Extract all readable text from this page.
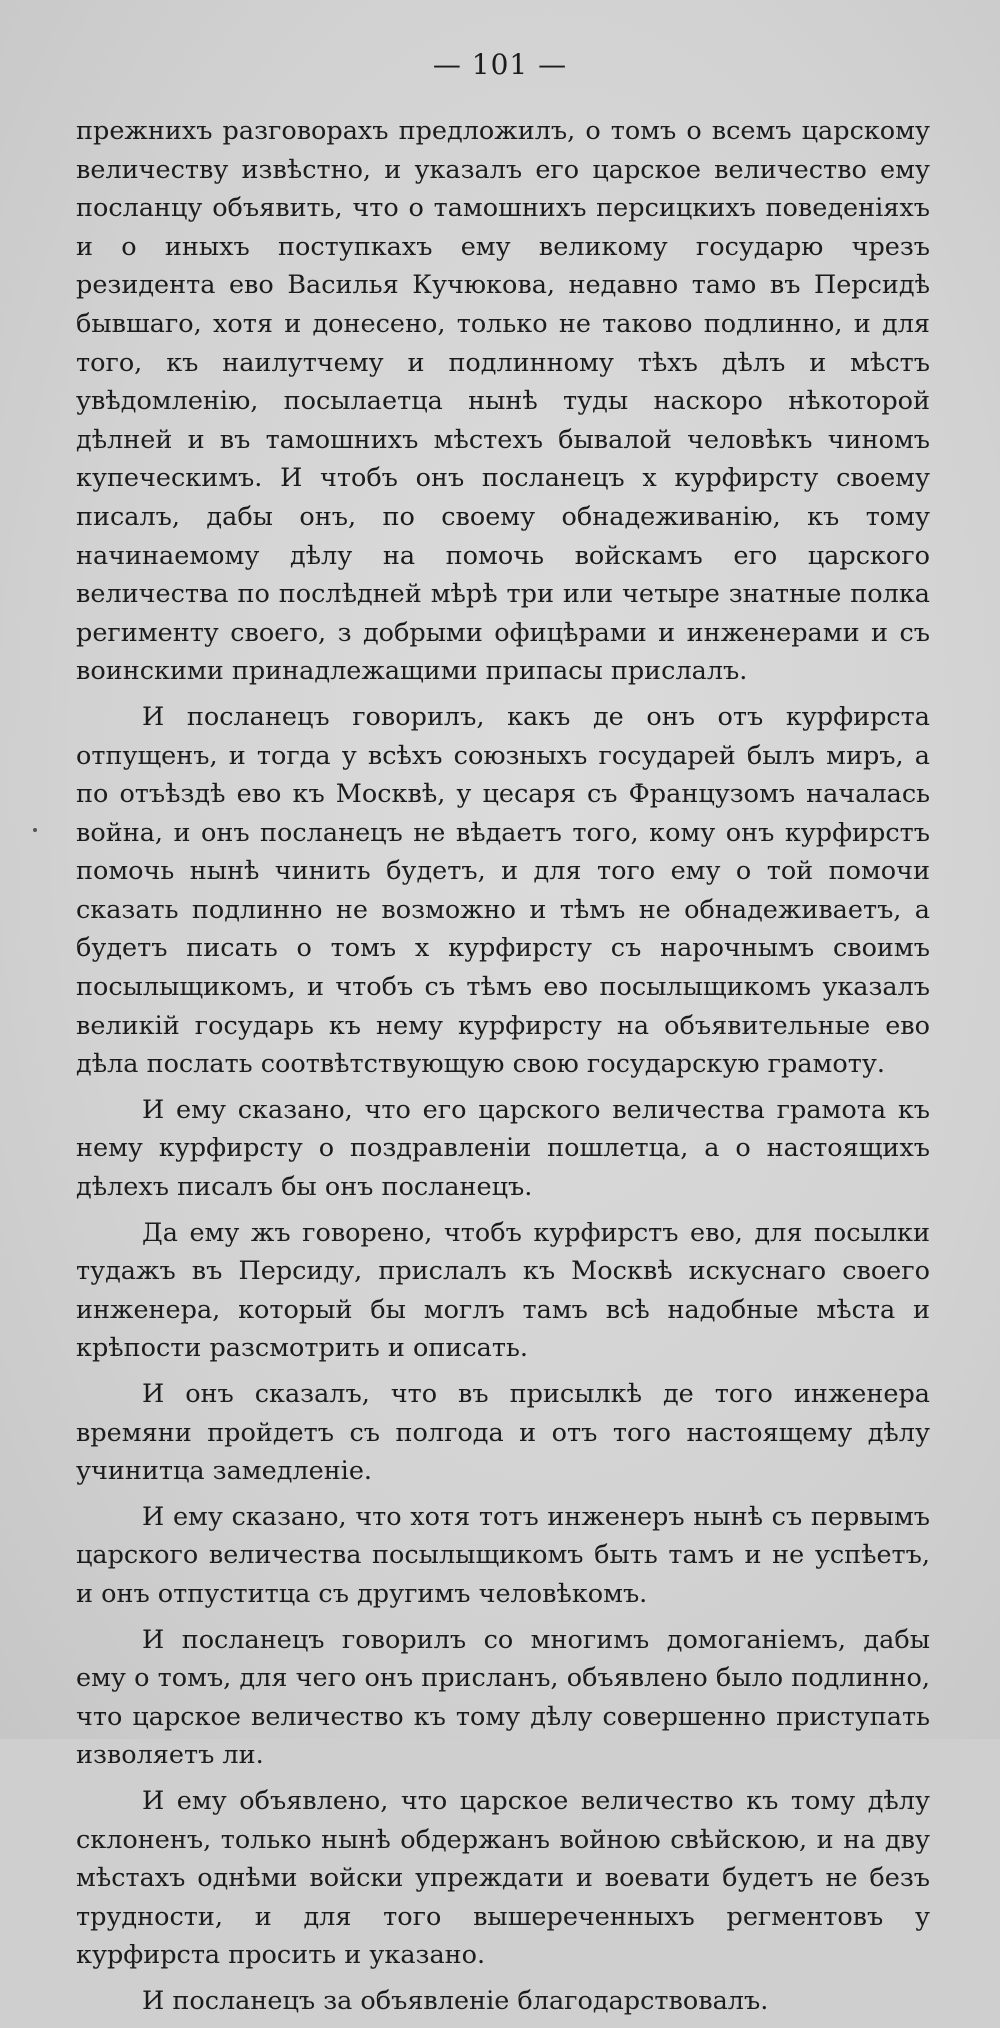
— 101 —

прежнихъ разговорахъ предложилъ, о томъ о всемъ царскому величеству извѣстно, и указалъ его царское величество ему посланцу объявить, что о тамошнихъ персицкихъ поведеніяхъ и о иныхъ поступкахъ ему великому государю чрезъ резидента ево Василья Кучюкова, недавно тамо въ Персидѣ бывшаго, хотя и донесено, только не таково подлинно, и для того, къ наилутчему и подлинному тѣхъ дѣлъ и мѣстъ увѣдомленію, посылаетца нынѣ туды наскоро нѣкоторой дѣлней и въ тамошнихъ мѣстехъ бывалой человѣкъ чиномъ купеческимъ. И чтобъ онъ посланецъ х курфирсту своему писалъ, дабы онъ, по своему обнадеживанію, къ тому начинаемому дѣлу на помочь войскамъ его царского величества по послѣдней мѣрѣ три или четыре знатные полка регименту своего, з добрыми офицѣрами и инженерами и съ воинскими принадлежащими припасы прислалъ.

И посланецъ говорилъ, какъ де онъ отъ курфирста отпущенъ, и тогда у всѣхъ союзныхъ государей былъ миръ, а по отъѣздѣ ево къ Москвѣ, у цесаря съ Французомъ началась война, и онъ посланецъ не вѣдаетъ того, кому онъ курфирстъ помочь нынѣ чинить будетъ, и для того ему о той помочи сказать подлинно не возможно и тѣмъ не обнадеживаетъ, а будетъ писать о томъ х курфирсту съ нарочнымъ своимъ посылыщикомъ, и чтобъ съ тѣмъ ево посылыщикомъ указалъ великій государь къ нему курфирсту на объявительные ево дѣла послать соотвѣтствующую свою государскую грамоту.

И ему сказано, что его царского величества грамота къ нему курфирсту о поздравленіи пошлетца, а о настоящихъ дѣлехъ писалъ бы онъ посланецъ.

Да ему жъ говорено, чтобъ курфирстъ ево, для посылки тудажъ въ Персиду, прислалъ къ Москвѣ искуснаго своего инженера, который бы моглъ тамъ всѣ надобные мѣста и крѣпости разсмотрить и описать.

И онъ сказалъ, что въ присылкѣ де того инженера времяни пройдетъ съ полгода и отъ того настоящему дѣлу учинитца замедленіе.

И ему сказано, что хотя тотъ инженеръ нынѣ съ первымъ царского величества посылыщикомъ быть тамъ и не успѣетъ, и онъ отпуститца съ другимъ человѣкомъ.

И посланецъ говорилъ со многимъ домоганіемъ, дабы ему о томъ, для чего онъ присланъ, объявлено было подлинно, что царское величество къ тому дѣлу совершенно приступать изволяетъ ли.

И ему объявлено, что царское величество къ тому дѣлу склоненъ, только нынѣ обдержанъ войною свѣйскою, и на дву мѣстахъ однѣми войски упреждати и воевати будетъ не безъ трудности, и для того вышереченныхъ регментовъ у курфирста просить и указано.

И посланецъ за объявленіе благодарствовалъ.
